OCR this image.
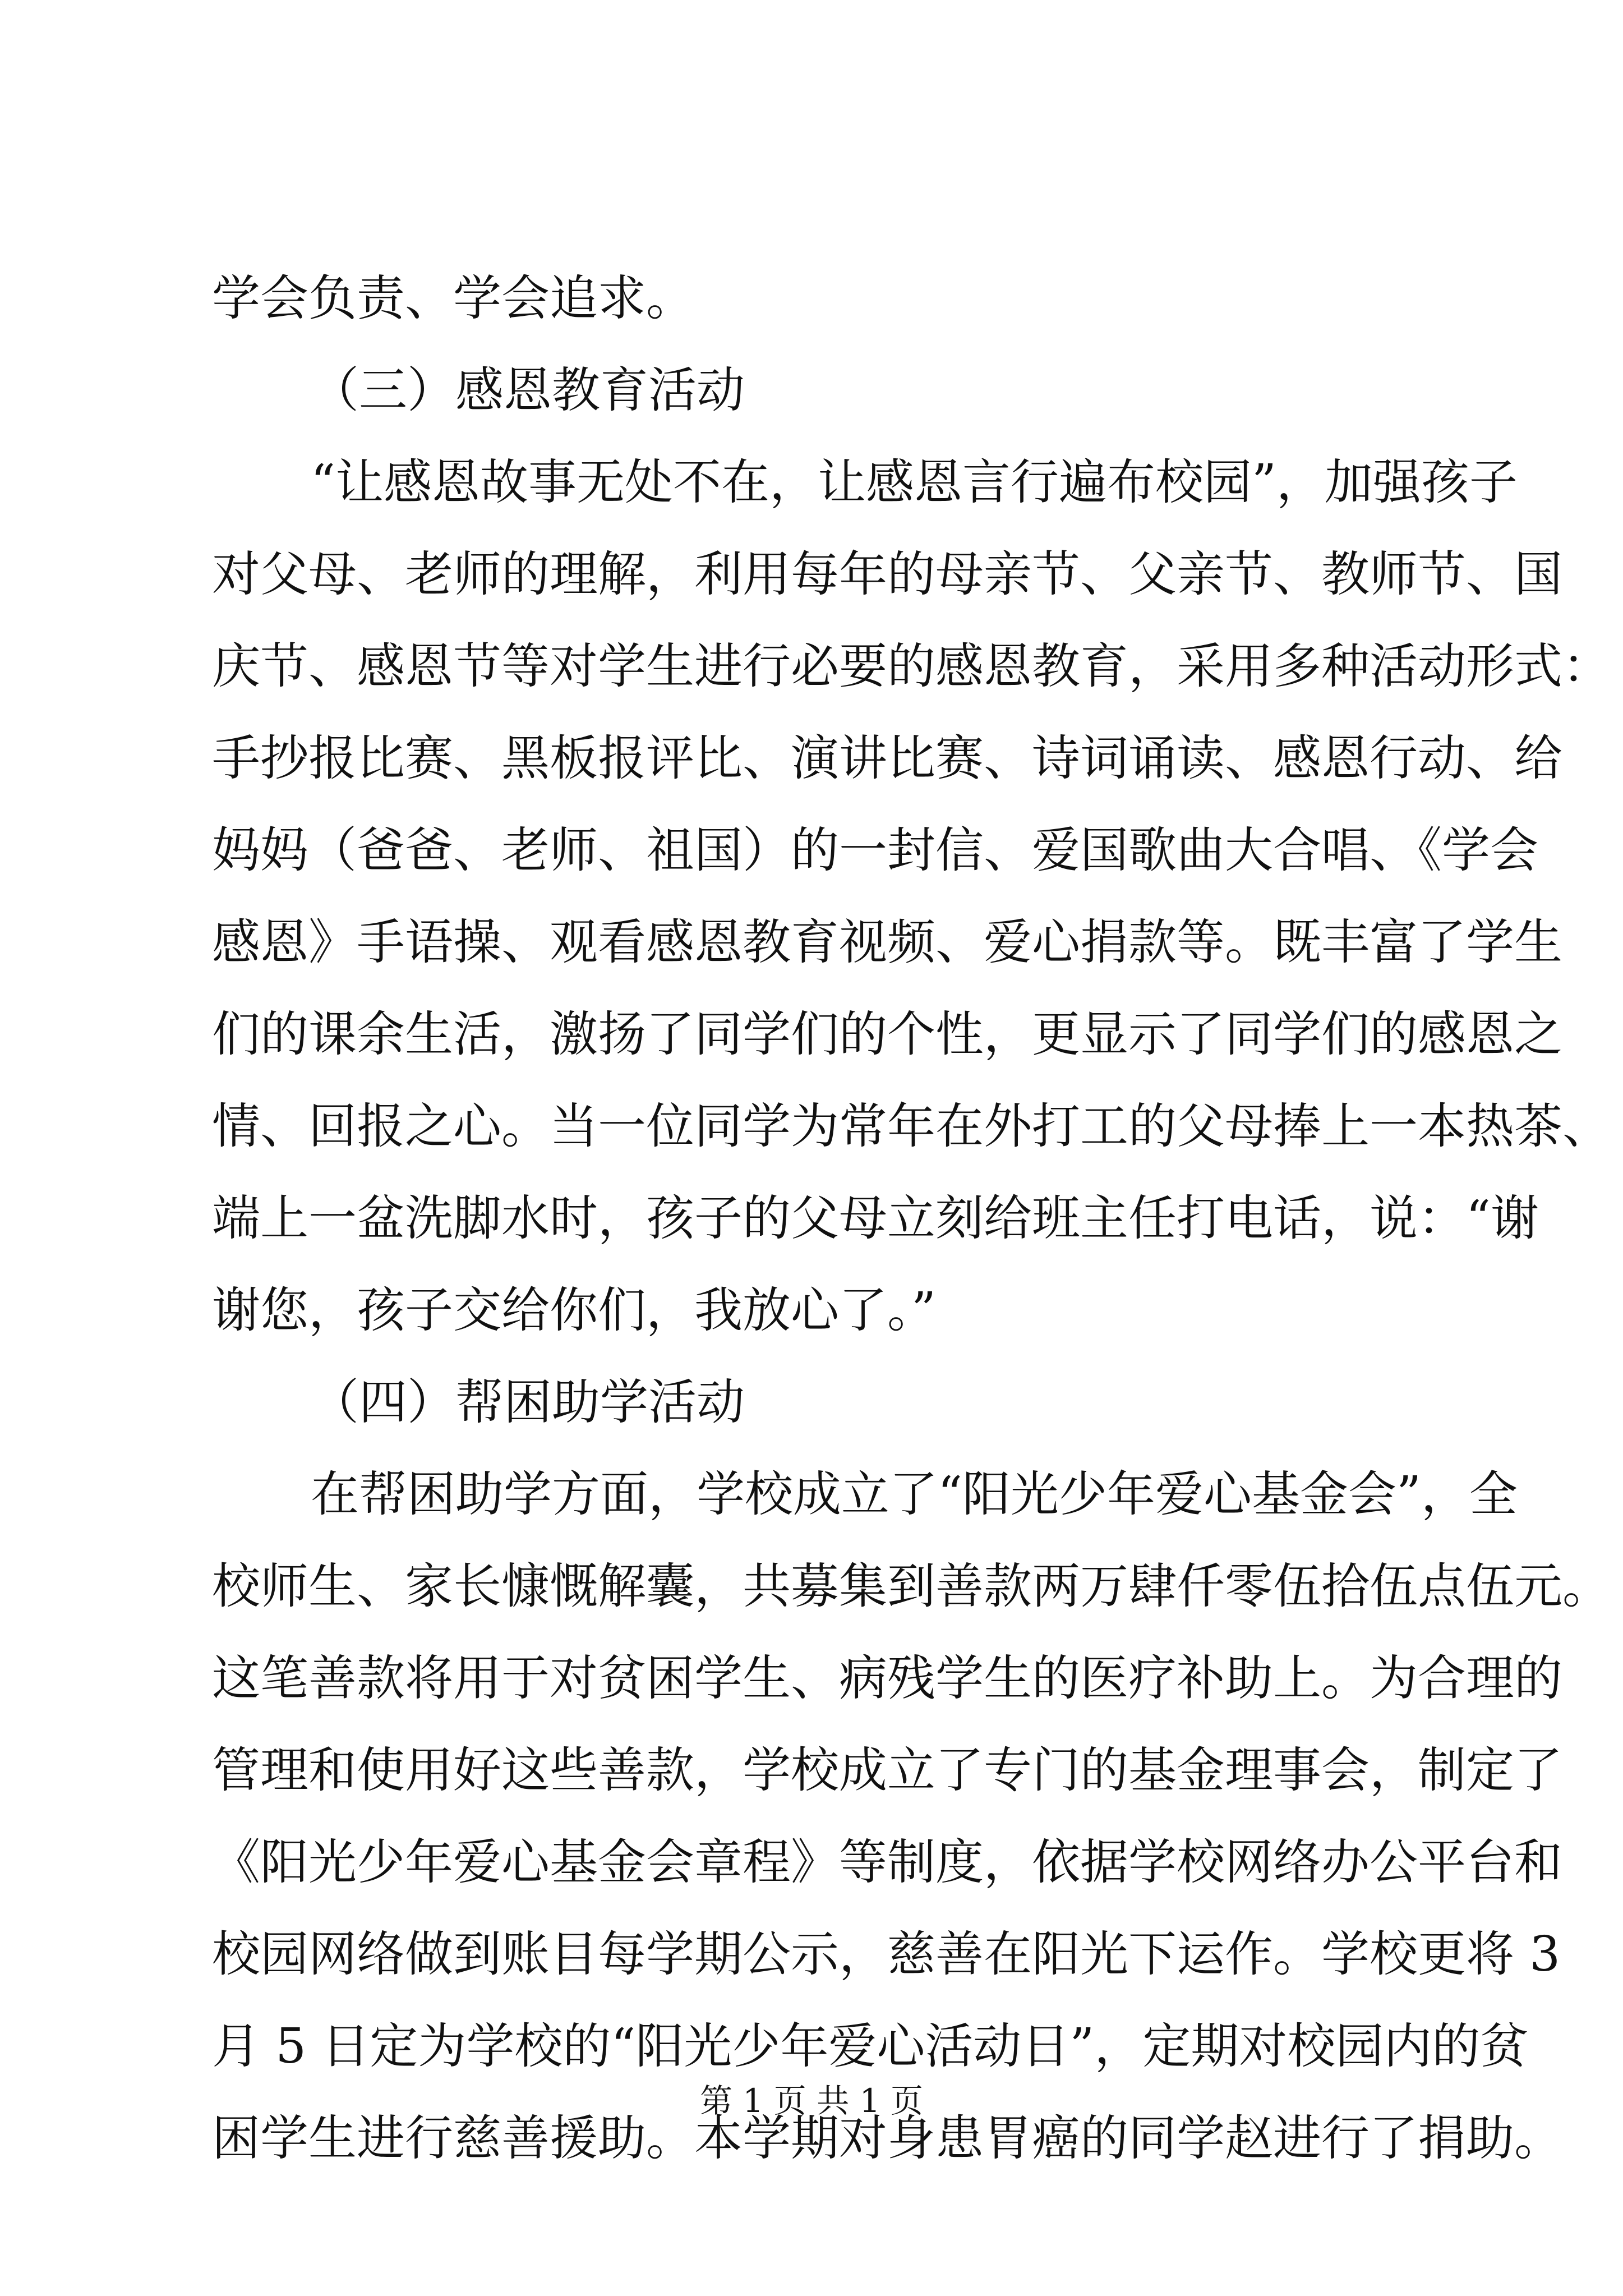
学会负责、学会追求。
（三）感恩教育活动
“让感恩故事无处不在，让感恩言行遍布校园”，加强孩子
对父母、老师的理解，利用每年的母亲节、父亲节、教师节、国
庆节、感恩节等对学生进行必要的感恩教育，采用多种活动形式：
手抄报比赛、黑板报评比、演讲比赛、诗词诵读、感恩行动、给
妈妈（爸爸、老师、祖国）的一封信、爱国歌曲大合唱、《学会
感恩》手语操、观看感恩教育视频、爱心捐款等。既丰富了学生
们的课余生活，激扬了同学们的个性，更显示了同学们的感恩之
情、回报之心。当一位同学为常年在外打工的父母捧上一本热茶、
端上一盆洗脚水时，孩子的父母立刻给班主任打电话，说：“谢
谢您，孩子交给你们，我放心了。”
（四）帮困助学活动
在帮困助学方面，学校成立了“阳光少年爱心基金会”，全
校师生、家长慷慨解囊，共募集到善款两万肆仟零伍拾伍点伍元。
这笔善款将用于对贫困学生、病残学生的医疗补助上。为合理的
管理和使用好这些善款，学校成立了专门的基金理事会，制定了
《阳光少年爱心基金会章程》等制度，依据学校网络办公平台和
校园网络做到账目每学期公示，慈善在阳光下运作。学校更将 3
月 5 日定为学校的“阳光少年爱心活动日”，定期对校园内的贫
困学生进行慈善援助。本学期对身患胃癌的同学赵进行了捐助。
第 1 页 共 1 页
